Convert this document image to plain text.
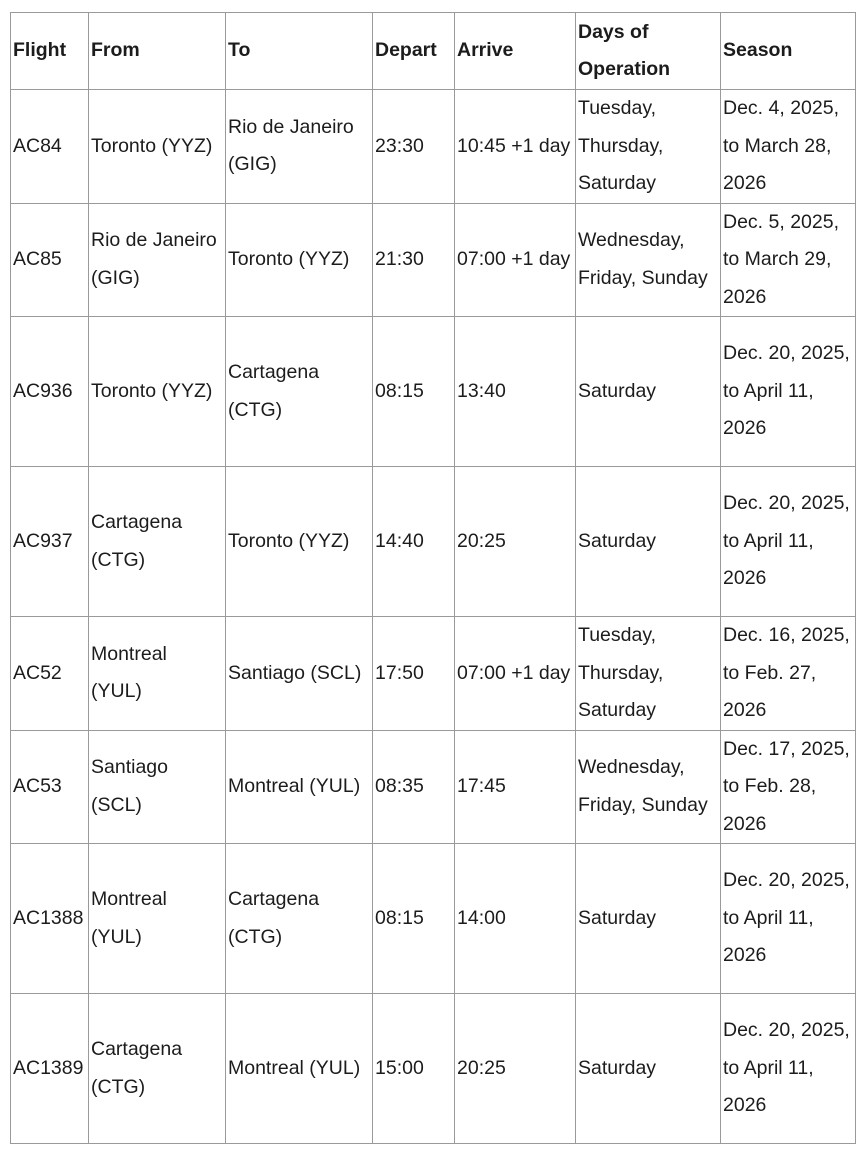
Flight	From	To	Depart	Arrive	Days of Operation	Season
AC84	Toronto (YYZ)	Rio de Janeiro (GIG)	23:30	10:45 +1 day	Tuesday, Thursday, Saturday	Dec. 4, 2025, to March 28, 2026
AC85	Rio de Janeiro (GIG)	Toronto (YYZ)	21:30	07:00 +1 day	Wednesday, Friday, Sunday	Dec. 5, 2025, to March 29, 2026
AC936	Toronto (YYZ)	Cartagena (CTG)	08:15	13:40	Saturday	Dec. 20, 2025, to April 11, 2026
AC937	Cartagena (CTG)	Toronto (YYZ)	14:40	20:25	Saturday	Dec. 20, 2025, to April 11, 2026
AC52	Montreal (YUL)	Santiago (SCL)	17:50	07:00 +1 day	Tuesday, Thursday, Saturday	Dec. 16, 2025, to Feb. 27, 2026
AC53	Santiago (SCL)	Montreal (YUL)	08:35	17:45	Wednesday, Friday, Sunday	Dec. 17, 2025, to Feb. 28, 2026
AC1388	Montreal (YUL)	Cartagena (CTG)	08:15	14:00	Saturday	Dec. 20, 2025, to April 11, 2026
AC1389	Cartagena (CTG)	Montreal (YUL)	15:00	20:25	Saturday	Dec. 20, 2025, to April 11, 2026
